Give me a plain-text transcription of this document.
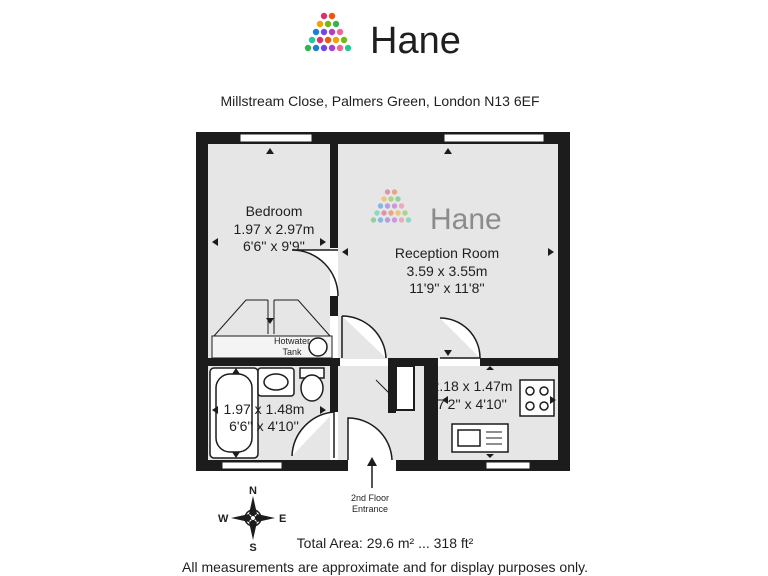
Hane
Millstream Close, Palmers Green, London N13 6EF
Hane
Hotwater
Tank
Bedroom
1.97 x 2.97m
6'6'' x 9'9''	Reception Room
3.59 x 3.55m
11'9'' x 11'8''
2.18 x 1.47m
7'2'' x 4'10''
1.97 x 1.48m
6'6'' x 4'10''
2nd Floor
Entrance
N
S
E
W
Total Area: 29.6 m² ... 318 ft²
All measurements are approximate and for display purposes only.
